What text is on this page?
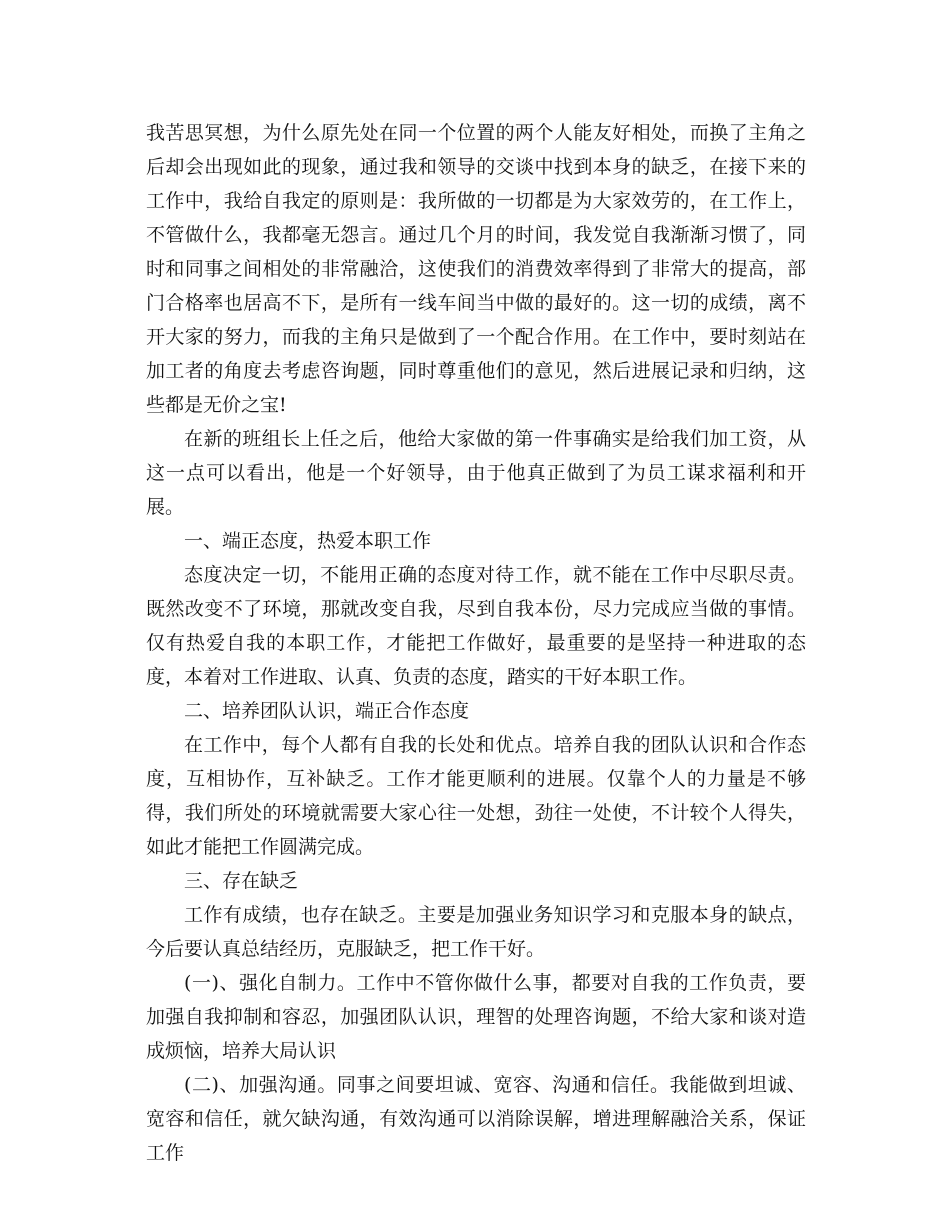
我苦思冥想，为什么原先处在同一个位置的两个人能友好相处，而换了主角之后却会出现如此的现象，通过我和领导的交谈中找到本身的缺乏，在接下来的工作中，我给自我定的原则是：我所做的一切都是为大家效劳的，在工作上，不管做什么，我都毫无怨言。通过几个月的时间，我发觉自我渐渐习惯了，同时和同事之间相处的非常融洽，这使我们的消费效率得到了非常大的提高，部门合格率也居高不下，是所有一线车间当中做的最好的。这一切的成绩，离不开大家的努力，而我的主角只是做到了一个配合作用。在工作中，要时刻站在加工者的角度去考虑咨询题，同时尊重他们的意见，然后进展记录和归纳，这些都是无价之宝!

在新的班组长上任之后，他给大家做的第一件事确实是给我们加工资，从这一点可以看出，他是一个好领导，由于他真正做到了为员工谋求福利和开展。

一、端正态度，热爱本职工作

态度决定一切，不能用正确的态度对待工作，就不能在工作中尽职尽责。既然改变不了环境，那就改变自我，尽到自我本份，尽力完成应当做的事情。仅有热爱自我的本职工作，才能把工作做好，最重要的是坚持一种进取的态度，本着对工作进取、认真、负责的态度，踏实的干好本职工作。

二、培养团队认识，端正合作态度

在工作中，每个人都有自我的长处和优点。培养自我的团队认识和合作态度，互相协作，互补缺乏。工作才能更顺利的进展。仅靠个人的力量是不够得，我们所处的环境就需要大家心往一处想，劲往一处使，不计较个人得失，如此才能把工作圆满完成。

三、存在缺乏

工作有成绩，也存在缺乏。主要是加强业务知识学习和克服本身的缺点，今后要认真总结经历，克服缺乏，把工作干好。

(一)、强化自制力。工作中不管你做什么事，都要对自我的工作负责，要加强自我抑制和容忍，加强团队认识，理智的处理咨询题，不给大家和谈对造成烦恼，培养大局认识

(二)、加强沟通。同事之间要坦诚、宽容、沟通和信任。我能做到坦诚、宽容和信任，就欠缺沟通，有效沟通可以消除误解，增进理解融洽关系，保证工作
